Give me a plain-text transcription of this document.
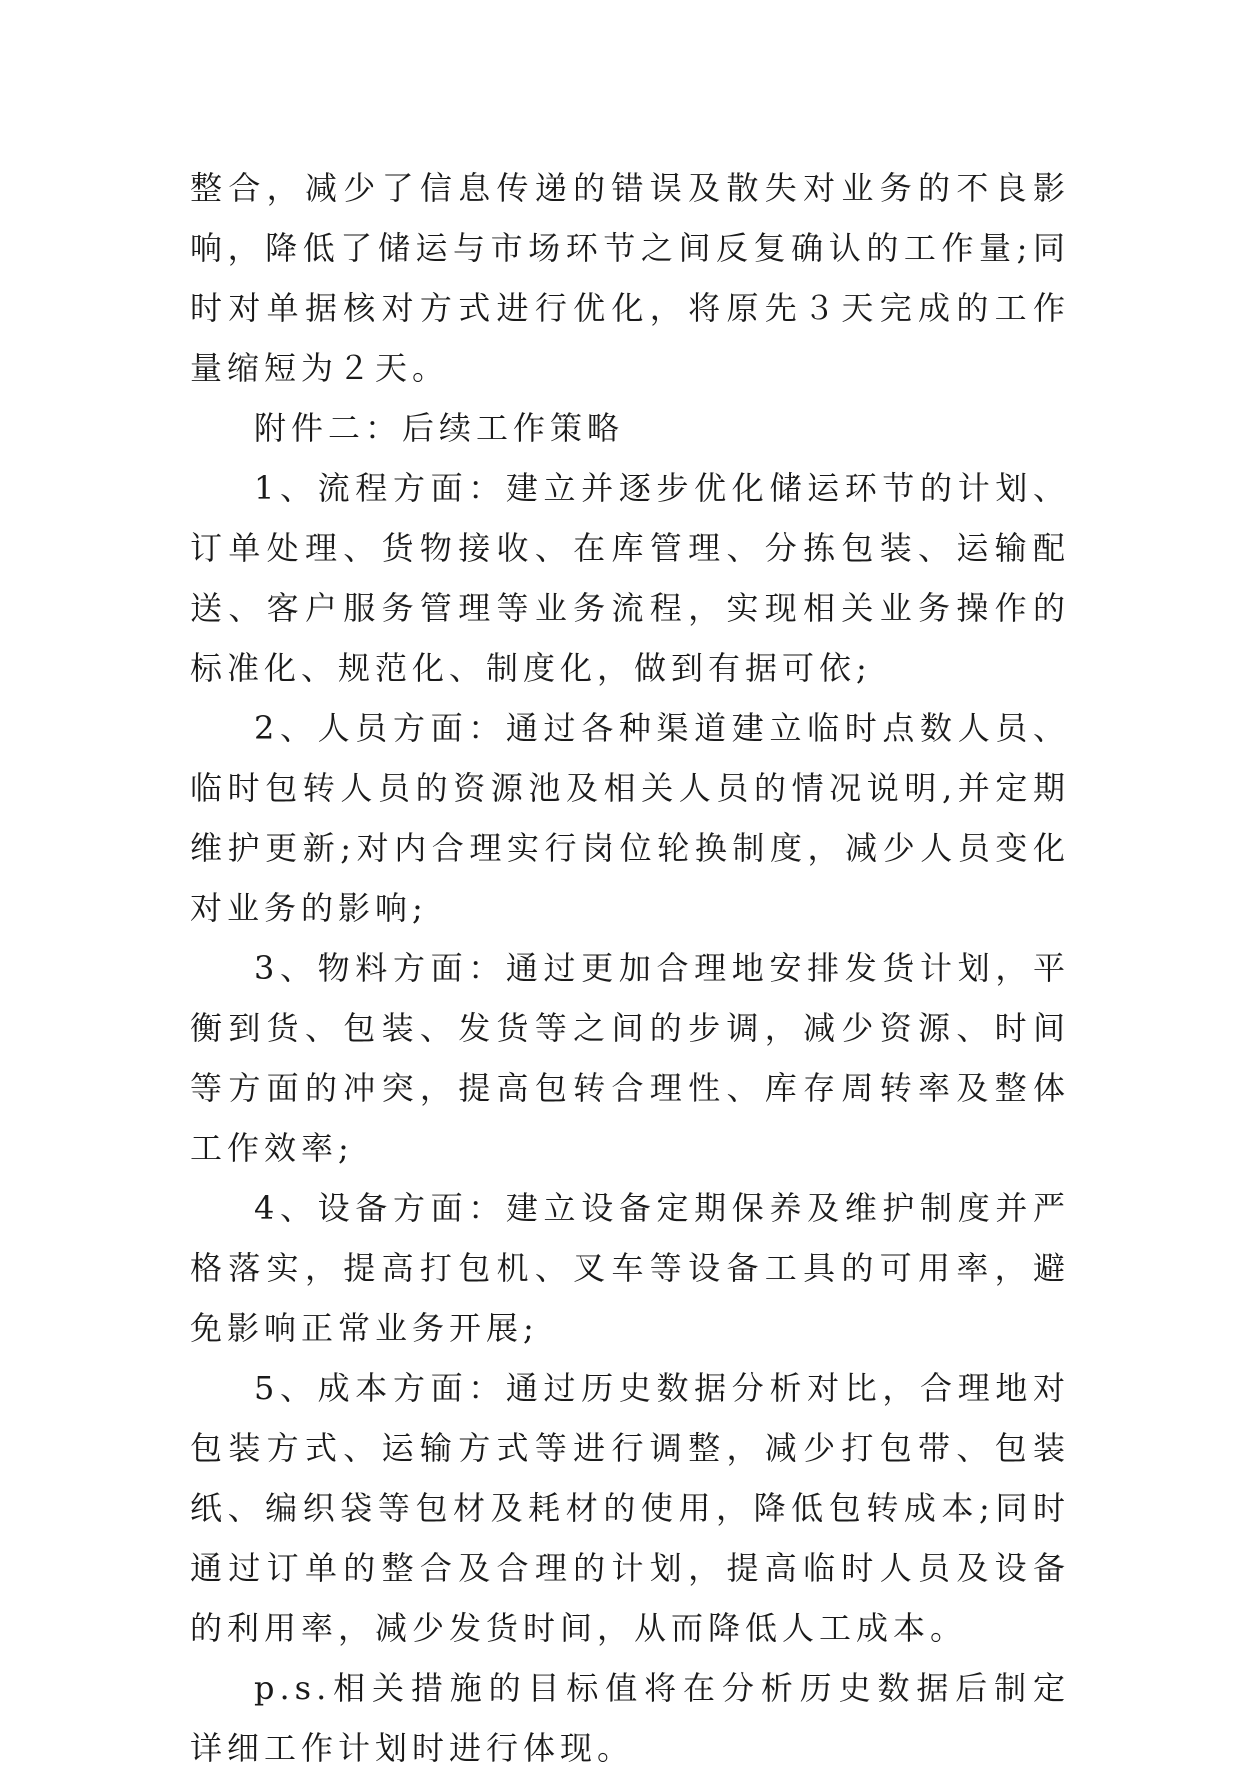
整合，减少了信息传递的错误及散失对业务的不良影响，降低了储运与市场环节之间反复确认的工作量;同时对单据核对方式进行优化，将原先３天完成的工作量缩短为２天。

附件二：后续工作策略

1、流程方面：建立并逐步优化储运环节的计划、订单处理、货物接收、在库管理、分拣包装、运输配送、客户服务管理等业务流程，实现相关业务操作的标准化、规范化、制度化，做到有据可依;

2、人员方面：通过各种渠道建立临时点数人员、临时包转人员的资源池及相关人员的情况说明,并定期维护更新;对内合理实行岗位轮换制度，减少人员变化对业务的影响;

3、物料方面：通过更加合理地安排发货计划，平衡到货、包装、发货等之间的步调，减少资源、时间等方面的冲突，提高包转合理性、库存周转率及整体工作效率;

4、设备方面：建立设备定期保养及维护制度并严格落实，提高打包机、叉车等设备工具的可用率，避免影响正常业务开展;

5、成本方面：通过历史数据分析对比，合理地对包装方式、运输方式等进行调整，减少打包带、包装纸、编织袋等包材及耗材的使用，降低包转成本;同时通过订单的整合及合理的计划，提高临时人员及设备的利用率，减少发货时间，从而降低人工成本。

p.s.相关措施的目标值将在分析历史数据后制定详细工作计划时进行体现。
